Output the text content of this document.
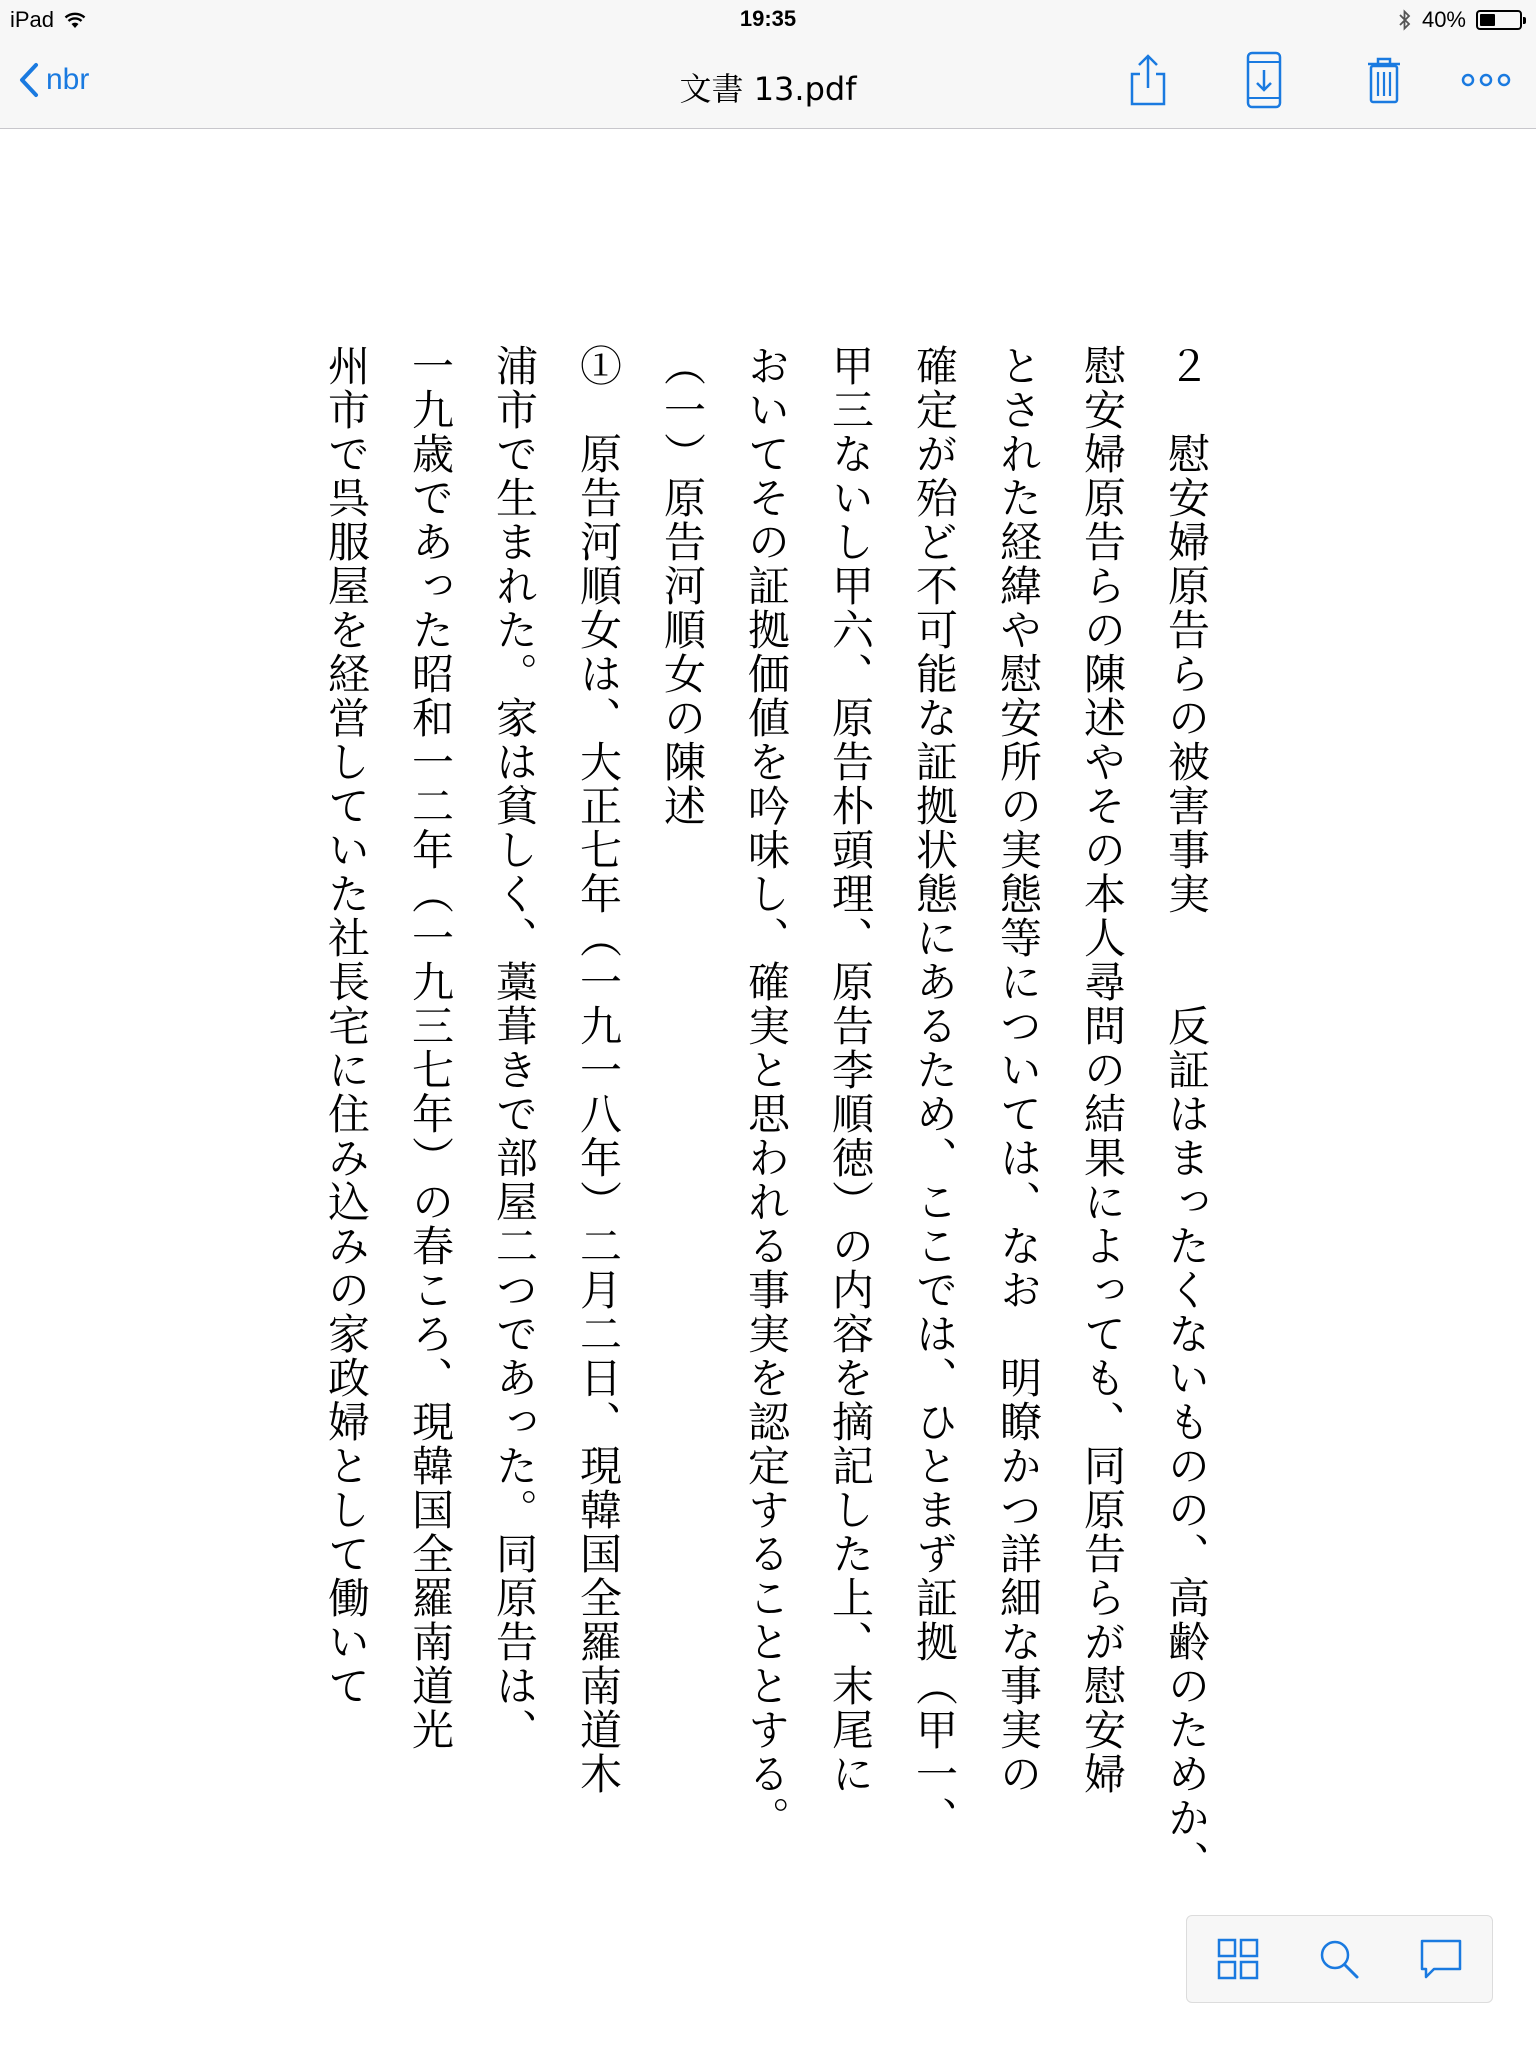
iPad	19:35	40%
nbr	文書 13.pdf
２　慰安婦原告らの被害事実　　反証はまったくないものの、高齢のためか、
慰安婦原告らの陳述やその本人尋問の結果によっても、同原告らが慰安婦
とされた経緯や慰安所の実態等については、なお　明瞭かつ詳細な事実の
確定が殆ど不可能な証拠状態にあるため、ここでは、ひとまず証拠（甲一、
甲三ないし甲六、原告朴頭理、原告李順徳）の内容を摘記した上、末尾に
おいてその証拠価値を吟味し、確実と思われる事実を認定することとする。
（一）原告河順女の陳述
①　原告河順女は、大正七年（一九一八年）二月二日、現韓国全羅南道木
浦市で生まれた。家は貧しく、藁葺きで部屋二つであった。同原告は、
一九歳であった昭和一二年（一九三七年）の春ころ、現韓国全羅南道光
州市で呉服屋を経営していた社長宅に住み込みの家政婦として働いて
